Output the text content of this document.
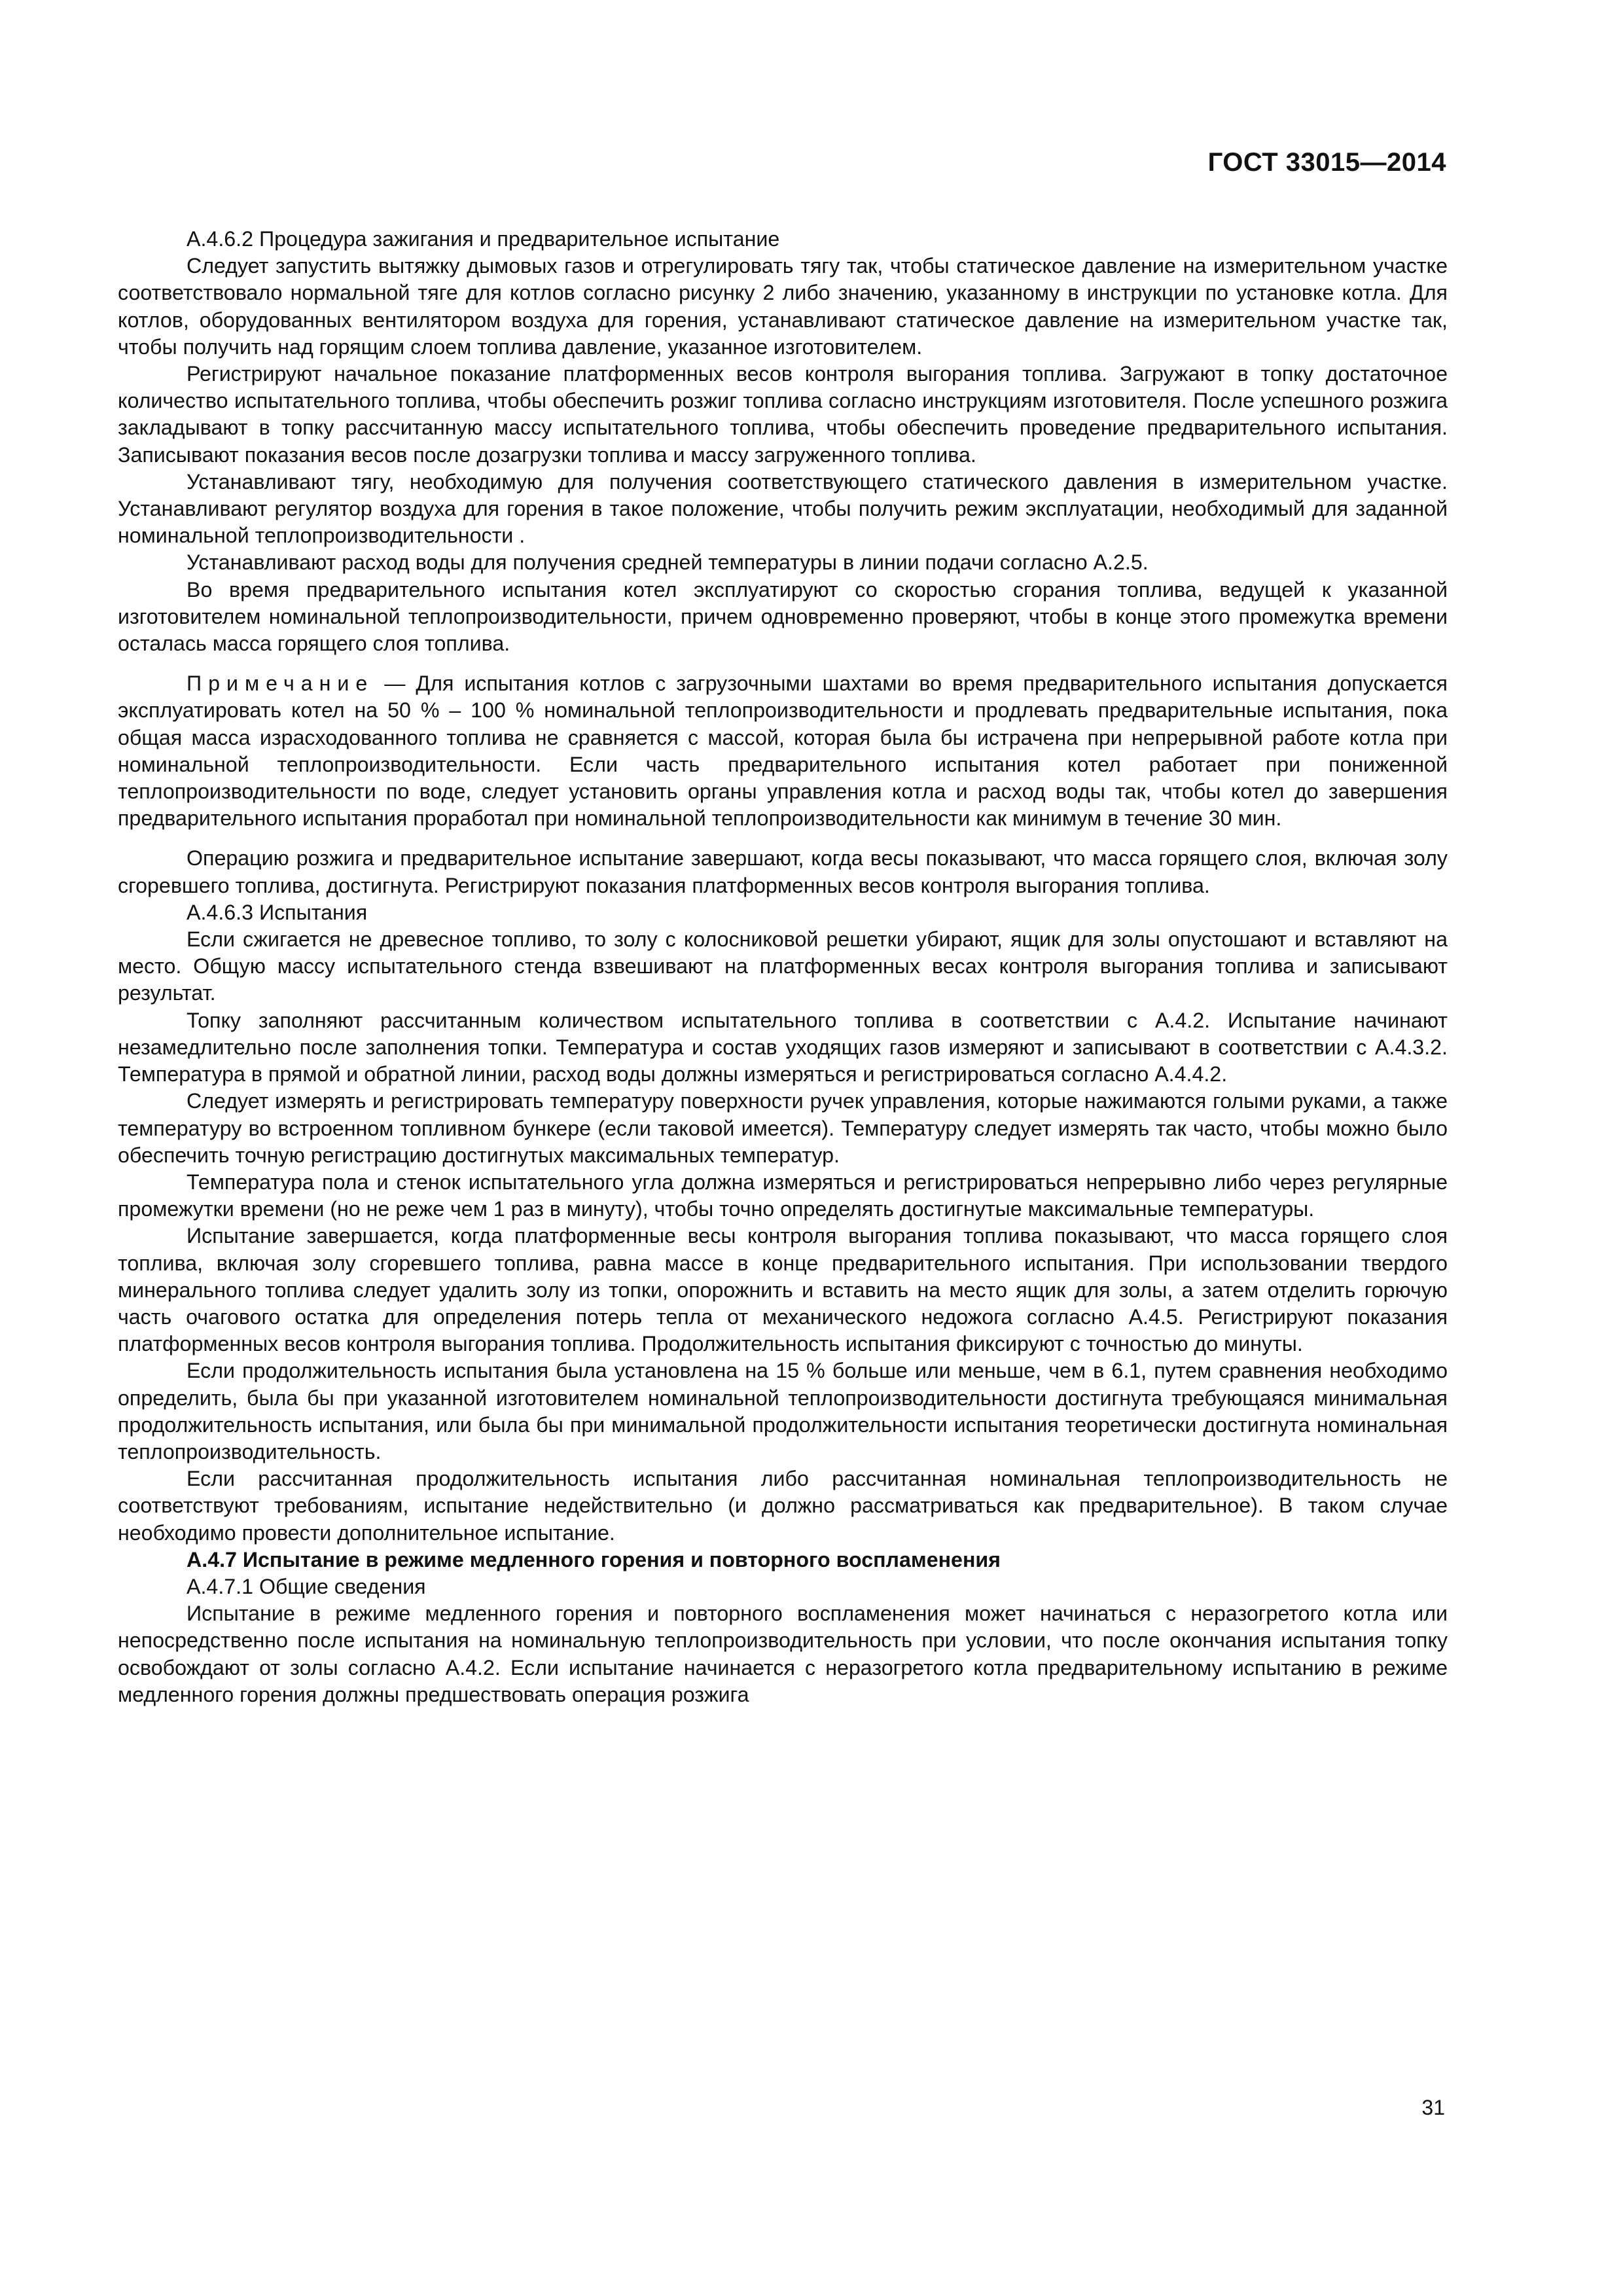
ГОСТ 33015—2014

А.4.6.2 Процедура зажигания и предварительное испытание

Следует запустить вытяжку дымовых газов и отрегулировать тягу так, чтобы статическое давление на измерительном участке соответствовало нормальной тяге для котлов согласно рисунку 2 либо значению, указанному в инструкции по установке котла. Для котлов, оборудованных вентилятором воздуха для горения, устанавливают статическое давление на измерительном участке так, чтобы получить над горящим слоем топлива давление, указанное изготовителем.

Регистрируют начальное показание платформенных весов контроля выгорания топлива. Загружают в топку достаточное количество испытательного топлива, чтобы обеспечить розжиг топлива согласно инструкциям изготовителя. После успешного розжига закладывают в топку рассчитанную массу испытательного топлива, чтобы обеспечить проведение предварительного испытания. Записывают показания весов после дозагрузки топлива и массу загруженного топлива.

Устанавливают тягу, необходимую для получения соответствующего статического давления в измерительном участке. Устанавливают регулятор воздуха для горения в такое положение, чтобы получить режим эксплуатации, необходимый для заданной номинальной теплопроизводительности .

Устанавливают расход воды для получения средней температуры в линии подачи согласно А.2.5.

Во время предварительного испытания котел эксплуатируют со скоростью сгорания топлива, ведущей к указанной изготовителем номинальной теплопроизводительности, причем одновременно проверяют, чтобы в конце этого промежутка времени осталась масса горящего слоя топлива.

Примечание — Для испытания котлов с загрузочными шахтами во время предварительного испытания допускается эксплуатировать котел на 50 % – 100 % номинальной теплопроизводительности и продлевать предварительные испытания, пока общая масса израсходованного топлива не сравняется с массой, которая была бы истрачена при непрерывной работе котла при номинальной теплопроизводительности. Если часть предварительного испытания котел работает при пониженной теплопроизводительности по воде, следует установить органы управления котла и расход воды так, чтобы котел до завершения предварительного испытания проработал при номинальной теплопроизводительности как минимум в течение 30 мин.

Операцию розжига и предварительное испытание завершают, когда весы показывают, что масса горящего слоя, включая золу сгоревшего топлива, достигнута. Регистрируют показания платформенных весов контроля выгорания топлива.

А.4.6.3 Испытания

Если сжигается не древесное топливо, то золу с колосниковой решетки убирают, ящик для золы опустошают и вставляют на место. Общую массу испытательного стенда взвешивают на платформенных весах контроля выгорания топлива и записывают результат.

Топку заполняют рассчитанным количеством испытательного топлива в соответствии с А.4.2. Испытание начинают незамедлительно после заполнения топки. Температура и состав уходящих газов измеряют и записывают в соответствии с А.4.3.2. Температура в прямой и обратной линии, расход воды должны измеряться и регистрироваться согласно А.4.4.2.

Следует измерять и регистрировать температуру поверхности ручек управления, которые нажимаются голыми руками, а также температуру во встроенном топливном бункере (если таковой имеется). Температуру следует измерять так часто, чтобы можно было обеспечить точную регистрацию достигнутых максимальных температур.

Температура пола и стенок испытательного угла должна измеряться и регистрироваться непрерывно либо через регулярные промежутки времени (но не реже чем 1 раз в минуту), чтобы точно определять достигнутые максимальные температуры.

Испытание завершается, когда платформенные весы контроля выгорания топлива показывают, что масса горящего слоя топлива, включая золу сгоревшего топлива, равна массе в конце предварительного испытания. При использовании твердого минерального топлива следует удалить золу из топки, опорожнить и вставить на место ящик для золы, а затем отделить горючую часть очагового остатка для определения потерь тепла от механического недожога согласно А.4.5. Регистрируют показания платформенных весов контроля выгорания топлива. Продолжительность испытания фиксируют с точностью до минуты.

Если продолжительность испытания была установлена на 15 % больше или меньше, чем в 6.1, путем сравнения необходимо определить, была бы при указанной изготовителем номинальной теплопроизводительности достигнута требующаяся минимальная продолжительность испытания, или была бы при минимальной продолжительности испытания теоретически достигнута номинальная теплопроизводительность.

Если рассчитанная продолжительность испытания либо рассчитанная номинальная теплопроизводительность не соответствуют требованиям, испытание недействительно (и должно рассматриваться как предварительное). В таком случае необходимо провести дополнительное испытание.

А.4.7 Испытание в режиме медленного горения и повторного воспламенения

А.4.7.1 Общие сведения

Испытание в режиме медленного горения и повторного воспламенения может начинаться с неразогретого котла или непосредственно после испытания на номинальную теплопроизводительность при условии, что после окончания испытания топку освобождают от золы согласно А.4.2. Если испытание начинается с неразогретого котла предварительному испытанию в режиме медленного горения должны предшествовать операция розжига

31
